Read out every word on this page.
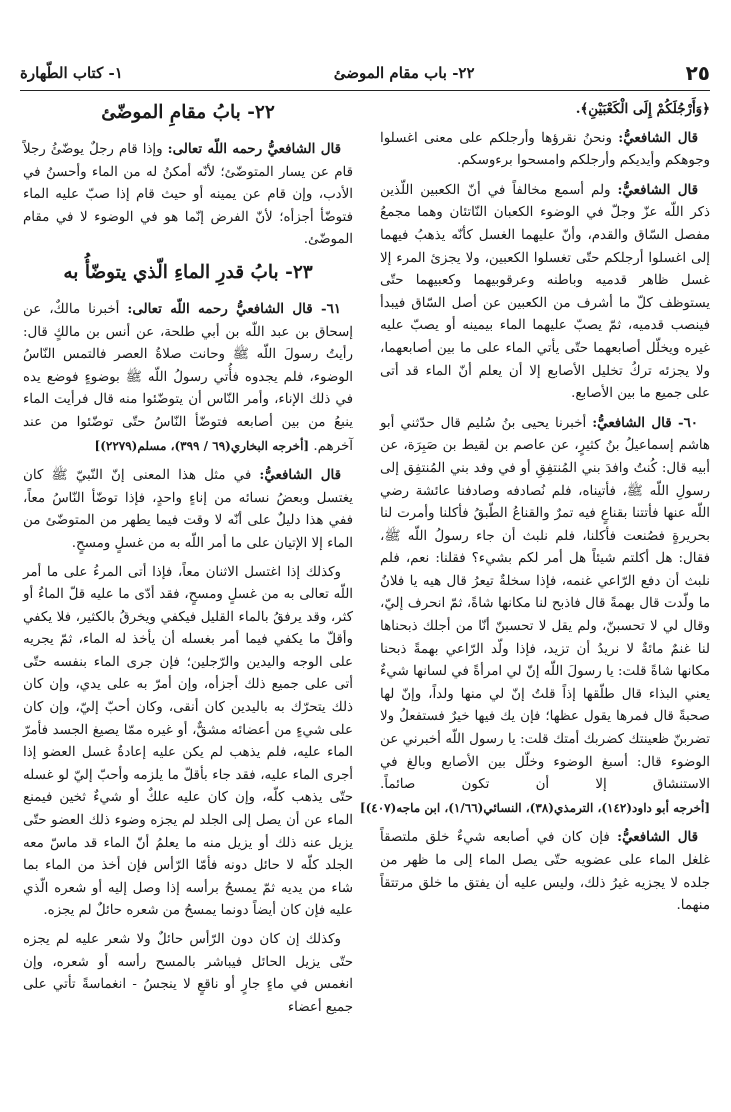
٢٥
٢٢- باب مقام الموضئ
١- كتاب الطّهارة

﴿وَأَرْجُلَكُمْ إِلَى الْكَعْبَيْنِ﴾.

قال الشافعيُّ: ونحنُ نقرؤها وأرجلكم على معنى اغسلوا وجوهكم وأيديكم وأرجلكم وامسحوا برءوسكم.

قال الشافعيُّ: ولم أسمع مخالفاً في أنّ الكعبين اللّذين ذكر اللّه عزّ وجلّ في الوضوء الكعبان النّاتئان وهما مجمعُ مفصل السّاق والقدم، وأنّ عليهما الغسل كأنّه يذهبُ فيهما إلى اغسلوا أرجلكم حتّى تغسلوا الكعبين، ولا يجزئ المرء إلا غسل ظاهر قدميه وباطنه وعرقوبيهما وكعبيهما حتّى يستوظف كلّ ما أشرف من الكعبين عن أصل السّاق فيبدأ فينصب قدميه، ثمّ يصبّ عليهما الماء بيمينه أو يصبّ عليه غيره ويخلّل أصابعهما حتّى يأتي الماء على ما بين أصابعهما، ولا يجزئه تركُ تخليل الأصابع إلا أن يعلم أنّ الماء قد أتى على جميع ما بين الأصابع.

٦٠- قال الشافعيُّ: أخبرنا يحيى بنُ سُليم قال حدّثني أبو هاشم إسماعيلُ بنُ كثيرٍ، عن عاصم بن لقيط بن صَبِرَة، عن أبيه قال: كُنتُ وافدَ بني المُنتفِقِ أو في وفد بني المُنتفِق إلى رسولِ اللّه ﷺ، فأتيناه، فلم نُصادفه وصادفنا عائشة رضي اللّه عنها فأتتنا بقناعٍ فيه تمرٌ والقناعُ الطّبقُ فأكلنا وأمرت لنا بحريرةٍ فصُنعت فأكلنا، فلم نلبث أن جاء رسولُ اللّه ﷺ، فقال: هل أكلتم شيئاً هل أمر لكم بشيء؟ فقلنا: نعم، فلم نلبث أن دفع الرّاعي غنمه، فإذا سخلةٌ تيعرُ قال هيه يا فلانُ ما ولّدت قال بهمةً قال فاذبح لنا مكانها شاةً، ثمّ انحرف إليّ، وقال لي لا تحسبنّ، ولم يقل لا تحسبنّ أنّا من أجلك ذبحناها لنا غنمٌ مائةٌ لا نريدُ أن تزيد، فإذا ولّد الرّاعي بهمةً ذبحنا مكانها شاةً قلت: يا رسولَ اللّه إنّ لي امرأةً في لسانها شيءٌ يعني البذاء قال طلّقها إذاً قلتُ إنّ لي منها ولداً، وإنّ لها صحبةً قال فمرها يقول عظها؛ فإن يك فيها خيرٌ فستفعلُ ولا تضربنّ ظعينتك كضربك أمتك قلت: يا رسول اللّه أخبرني عن الوضوء قال: أسبغ الوضوء وخلّل بين الأصابع وبالغ في الاستنشاق إلا أن تكون صائماً. [أخرجه أبو داود(١٤٢)، الترمذي(٣٨)، النسائي(١/٦٦)، ابن ماجه(٤٠٧)]

قال الشافعيُّ: فإن كان في أصابعه شيءٌ خلق ملتصقاً غلغل الماء على عضويه حتّى يصل الماء إلى ما ظهر من جلده لا يجزيه غيرُ ذلك، وليس عليه أن يفتق ما خلق مرتتقاً منهما.

٢٢- بابُ مقامِ الموضّئ

قال الشافعيُّ رحمه اللّه تعالى: وإذا قام رجلٌ يوضّئُ رجلاً قام عن يسار المتوضّئ؛ لأنّه أمكنُ له من الماء وأحسنُ في الأدب، وإن قام عن يمينه أو حيث قام إذا صبّ عليه الماء فتوضّأ أجزأه؛ لأنّ الفرض إنّما هو في الوضوء لا في مقام الموضّئ.

٢٣- بابُ قدرِ الماءِ الّذي يتوضّأُ به

٦١- قال الشافعيُّ رحمه اللّه تعالى: أخبرنا مالكٌ، عن إسحاق بن عبد اللّه بن أبي طلحة، عن أنس بن مالكٍ قال: رأيتُ رسولَ اللّه ﷺ وحانت صلاةُ العصر فالتمس النّاسُ الوضوء، فلم يجدوه فأُتي رسولُ اللّه ﷺ بوضوءٍ فوضع يده في ذلك الإناء، وأمر النّاس أن يتوضّئوا منه قال فرأيت الماء ينبعُ من بين أصابعه فتوضّأ النّاسُ حتّى توضّئوا من عند آخرهم. [أخرجه البخاري(٦٩ / ٣٩٩)، مسلم(٢٢٧٩)]

قال الشافعيُّ: في مثل هذا المعنى إنّ النّبيّ ﷺ كان يغتسل وبعضُ نسائه من إناءٍ واحدٍ، فإذا توضّأ النّاسُ معاً، ففي هذا دليلٌ على أنّه لا وقت فيما يطهر من المتوضّئ من الماء إلا الإتيان على ما أمر اللّه به من غسلٍ ومسحٍ.

وكذلك إذا اغتسل الاثنان معاً، فإذا أتى المرءُ على ما أمر اللّه تعالى به من غسلٍ ومسحٍ، فقد أدّى ما عليه قلّ الماءُ أو كثر، وقد يرفقُ بالماء القليل فيكفي ويخرقُ بالكثير، فلا يكفي وأقلّ ما يكفي فيما أمر بغسله أن يأخذ له الماء، ثمّ يجريه على الوجه واليدين والرّجلين؛ فإن جرى الماء بنفسه حتّى أتى على جميع ذلك أجزأه، وإن أمرّ به على يدي، وإن كان ذلك يتحرّك به باليدين كان أنقى، وكان أحبّ إليّ، وإن كان على شيءٍ من أعضائه مشقٌّ، أو غيره ممّا يصيغ الجسد فأمرّ الماء عليه، فلم يذهب لم يكن عليه إعادةُ غسل العضو إذا أجرى الماء عليه، فقد جاء بأقلّ ما يلزمه وأحبّ إليّ لو غسله حتّى يذهب كلّه، وإن كان عليه علكٌ أو شيءٌ ثخين فيمنع الماء عن أن يصل إلى الجلد لم يجزه وضوء ذلك العضو حتّى يزيل عنه ذلك أو يزيل منه ما يعلمُ أنّ الماء قد ماسّ معه الجلد كلّه لا حائل دونه فأمّا الرّأس فإن أخذ من الماء بما شاء من يديه ثمّ يمسحُ برأسه إذا وصل إليه أو شعره الّذي عليه فإن كان أيضاً دونما يمسحُ من شعره حائلٌ لم يجزه.

وكذلك إن كان دون الرّأس حائلٌ ولا شعر عليه لم يجزه حتّى يزيل الحائل فيباشر بالمسح رأسه أو شعره، وإن انغمس في ماءٍ جارٍ أو ناقعٍ لا ينجسُ - انغماسةً تأتي على جميع أعضاء
